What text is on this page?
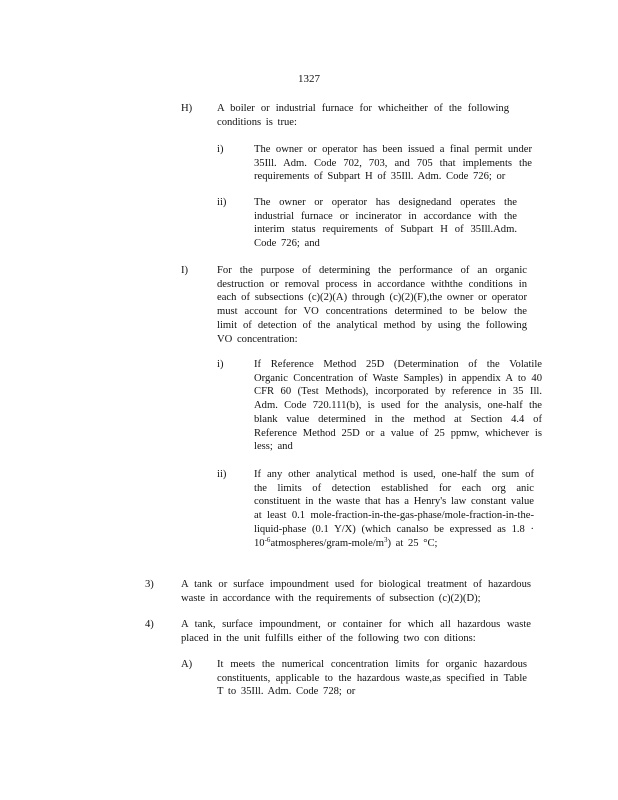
1327
H) A boiler or industrial furnace for whicheither of the following conditions is true:
i)	The owner or operator has been issued a final permit under 35Ill. Adm. Code 702, 703, and 705 that implements the requirements of Subpart H of 35Ill. Adm. Code 726; or
ii)	The owner or operator has designedand operates the industrial furnace or incinerator in accordance with the interim status requirements of Subpart H of 35Ill.Adm. Code 726; and
I)	For the purpose of determining the performance of an organic destruction or removal process in accordance withthe conditions in each of subsections (c)(2)(A) through (c)(2)(F),the owner or operator must account for VO concentrations determined to be below the limit of detection of the analytical method by using the following VO concentration:
i)	If Reference Method 25D (Determination of the Volatile Organic Concentration of Waste Samples) in appendix A to 40 CFR 60 (Test Methods), incorporated by reference in 35 Ill. Adm. Code 720.111(b), is used for the analysis, one-half the blank value determined in the method at Section 4.4 of Reference Method 25D or a value of 25 ppmw, whichever is less; and
ii)	If any other analytical method is used, one-half the sum of the limits of detection established for each org anic constituent in the waste that has a Henry's law constant value at least 0.1 mole-fraction-in-the-gas-phase/mole-fraction-in-the-liquid-phase (0.1 Y/X) (which canalso be expressed as $1.8 \cdot 10^{-6}atmospheres/gram-mole/m^3$) at 25 °C;
3)	A tank or surface impoundment used for biological treatment of hazardous waste in accordance with the requirements of subsection (c)(2)(D);
4)	A tank, surface impoundment, or container for which all hazardous waste placed in the unit fulfills either of the following two con ditions:
A) It meets the numerical concentration limits for organic hazardous constituents, applicable to the hazardous waste,as specified in Table T to 35Ill. Adm. Code 728; or
